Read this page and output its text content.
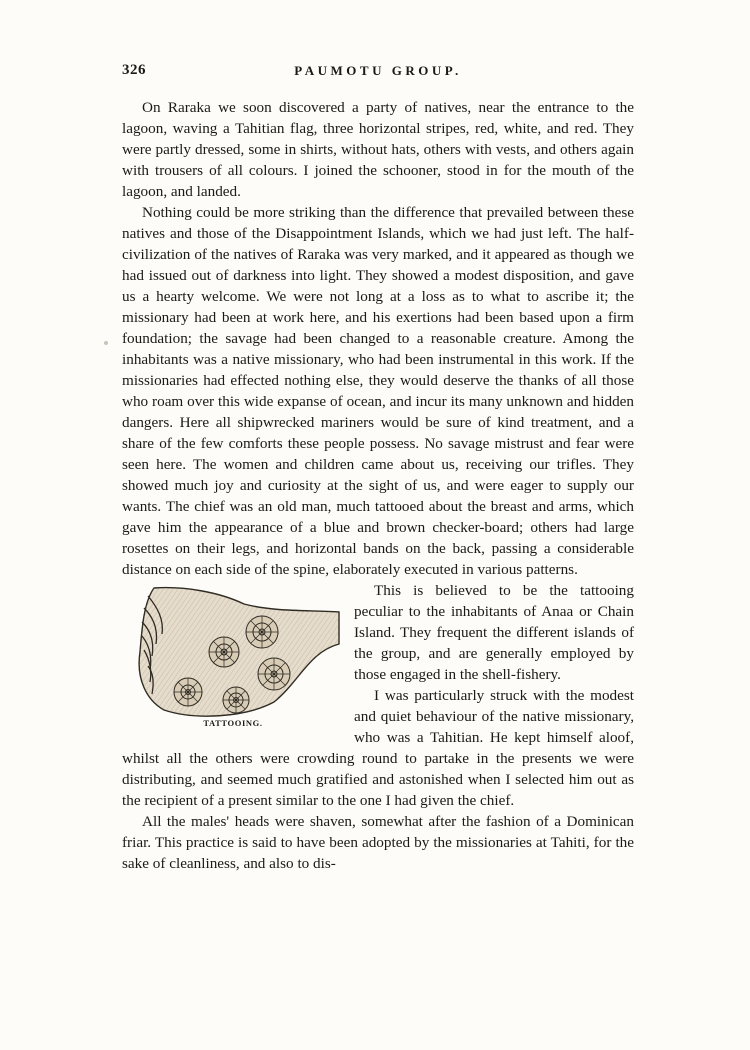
326	PAUMOTU GROUP.

On Raraka we soon discovered a party of natives, near the entrance to the lagoon, waving a Tahitian flag, three horizontal stripes, red, white, and red. They were partly dressed, some in shirts, without hats, others with vests, and others again with trousers of all colours. I joined the schooner, stood in for the mouth of the lagoon, and landed.

Nothing could be more striking than the difference that prevailed between these natives and those of the Disappointment Islands, which we had just left. The half-civilization of the natives of Raraka was very marked, and it appeared as though we had issued out of darkness into light. They showed a modest disposition, and gave us a hearty welcome. We were not long at a loss as to what to ascribe it; the missionary had been at work here, and his exertions had been based upon a firm foundation; the savage had been changed to a reasonable creature. Among the inhabitants was a native missionary, who had been instrumental in this work. If the missionaries had effected nothing else, they would deserve the thanks of all those who roam over this wide expanse of ocean, and incur its many unknown and hidden dangers. Here all shipwrecked mariners would be sure of kind treatment, and a share of the few comforts these people possess. No savage mistrust and fear were seen here. The women and children came about us, receiving our trifles. They showed much joy and curiosity at the sight of us, and were eager to supply our wants. The chief was an old man, much tattooed about the breast and arms, which gave him the appearance of a blue and brown checker-board; others had large rosettes on their legs, and horizontal bands on the back, passing a considerable distance on each side of the spine, elaborately executed in various patterns.

TATTOOING.

This is believed to be the tattooing peculiar to the inhabitants of Anaa or Chain Island. They frequent the different islands of the group, and are generally employed by those engaged in the shell-fishery.

I was particularly struck with the modest and quiet behaviour of the native missionary, who was a Tahitian. He kept himself aloof, whilst all the others were crowding round to partake in the presents we were distributing, and seemed much gratified and astonished when I selected him out as the recipient of a present similar to the one I had given the chief.

All the males' heads were shaven, somewhat after the fashion of a Dominican friar. This practice is said to have been adopted by the missionaries at Tahiti, for the sake of cleanliness, and also to dis-
